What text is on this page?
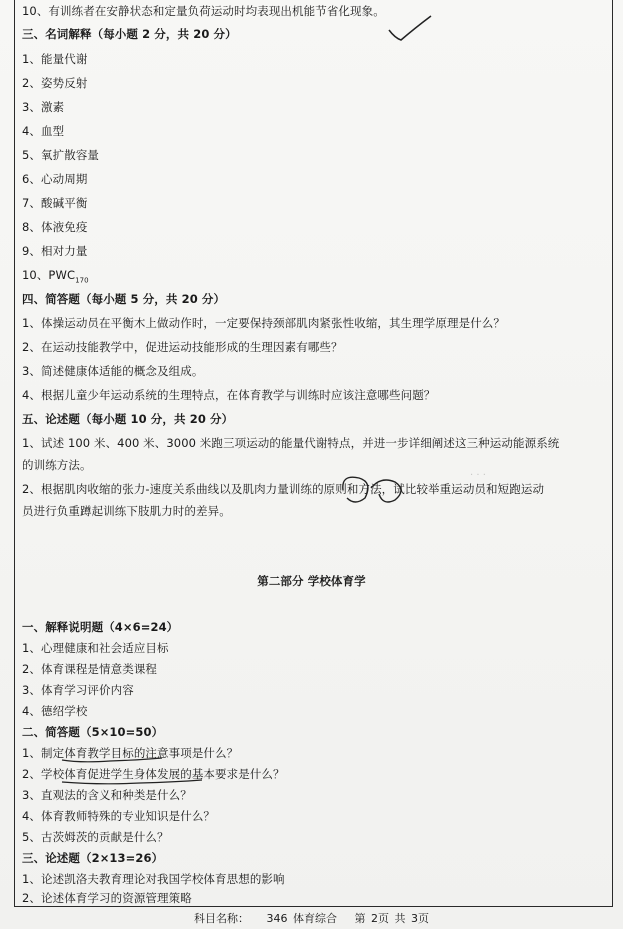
· · ·
10、有训练者在安静状态和定量负荷运动时均表现出机能节省化现象。
三、名词解释（每小题 2 分，共 20 分）
1、能量代谢
2、姿势反射
3、激素
4、血型
5、氧扩散容量
6、心动周期
7、酸碱平衡
8、体液免疫
9、相对力量
10、$PWC_{170}$
四、简答题（每小题 5 分，共 20 分）
1、体操运动员在平衡木上做动作时，一定要保持颈部肌肉紧张性收缩，其生理学原理是什么？
2、在运动技能教学中，促进运动技能形成的生理因素有哪些？
3、简述健康体适能的概念及组成。
4、根据儿童少年运动系统的生理特点，在体育教学与训练时应该注意哪些问题？
五、论述题（每小题 10 分，共 20 分）
1、试述 100 米、400 米、3000 米跑三项运动的能量代谢特点，并进一步详细阐述这三种运动能源系统
的训练方法。
2、根据肌肉收缩的张力-速度关系曲线以及肌肉力量训练的原则和方法，试比较举重运动员和短跑运动
员进行负重蹲起训练下肢肌力时的差异。
第二部分 学校体育学
一、解释说明题（4×6=24）
1、心理健康和社会适应目标
2、体育课程是情意类课程
3、体育学习评价内容
4、德绍学校
二、简答题（5×10=50）
1、制定体育教学目标的注意事项是什么？
2、学校体育促进学生身体发展的基本要求是什么？
3、直观法的含义和种类是什么？
4、体育教师特殊的专业知识是什么？
5、古茨姆茨的贡献是什么？
三、论述题（2×13=26）
1、论述凯洛夫教育理论对我国学校体育思想的影响
2、论述体育学习的资源管理策略
科目名称： 346 体育综合 第 2页 共 3页
